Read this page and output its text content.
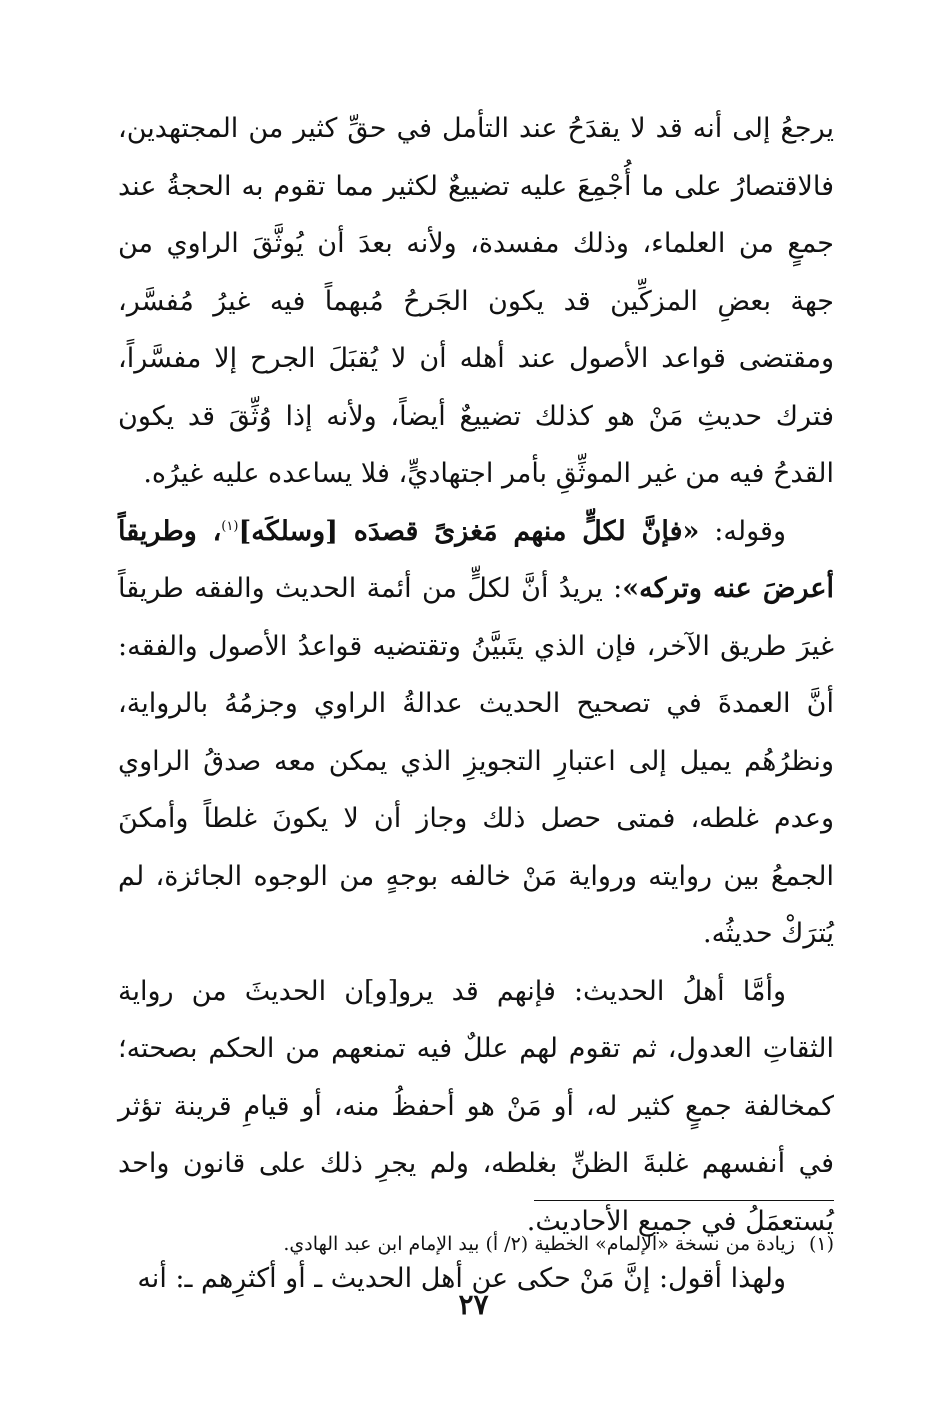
يرجعُ إلى أنه قد لا يقدَحُ عند التأمل في حقِّ كثير من المجتهدين، فالاقتصارُ على ما أُجْمِعَ عليه تضييعٌ لكثير مما تقوم به الحجةُ عند جمعٍ من العلماء، وذلك مفسدة، ولأنه بعدَ أن يُوثَّقَ الراوي من جهة بعضِ المزكِّين قد يكون الجَرحُ مُبهماً فيه غيرُ مُفسَّر، ومقتضى قواعد الأصول عند أهله أن لا يُقبَلَ الجرح إلا مفسَّراً، فترك حديثِ مَنْ هو كذلك تضييعٌ أيضاً، ولأنه إذا وُثِّقَ قد يكون القدحُ فيه من غير الموثِّقِ بأمر اجتهاديٍّ، فلا يساعده عليه غيرُه.

وقوله: «فإنَّ لكلٍّ منهم مَغزىً قصدَه [وسلكَه]$^{(١)}$، وطريقاً أعرضَ عنه وتركه»: يريدُ أنَّ لكلٍّ من أئمة الحديث والفقه طريقاً غيرَ طريق الآخر، فإن الذي يتَبيَّنُ وتقتضيه قواعدُ الأصول والفقه: أنَّ العمدةَ في تصحيح الحديث عدالةُ الراوي وجزمُهُ بالرواية، ونظرُهُم يميل إلى اعتبارِ التجويزِ الذي يمكن معه صدقُ الراوي وعدم غلطه، فمتى حصل ذلك وجاز أن لا يكونَ غلطاً وأمكنَ الجمعُ بين روايته ورواية مَنْ خالفه بوجهٍ من الوجوه الجائزة، لم يُترَكْ حديثُه.

وأمَّا أهلُ الحديث: فإنهم قد يرو[و]ن الحديثَ من رواية الثقاتِ العدول، ثم تقوم لهم عللٌ فيه تمنعهم من الحكم بصحته؛ كمخالفة جمعٍ كثير له، أو مَنْ هو أحفظُ منه، أو قيامِ قرينة تؤثر في أنفسهم غلبةَ الظنِّ بغلطه، ولم يجرِ ذلك على قانون واحد يُستعمَلُ في جميع الأحاديث.

ولهذا أقول: إنَّ مَنْ حكى عن أهل الحديث ـ أو أكثرِهم ـ: أنه

(١)زيادة من نسخة «الإلمام» الخطية (٢/ أ) بيد الإمام ابن عبد الهادي.
٢٧
